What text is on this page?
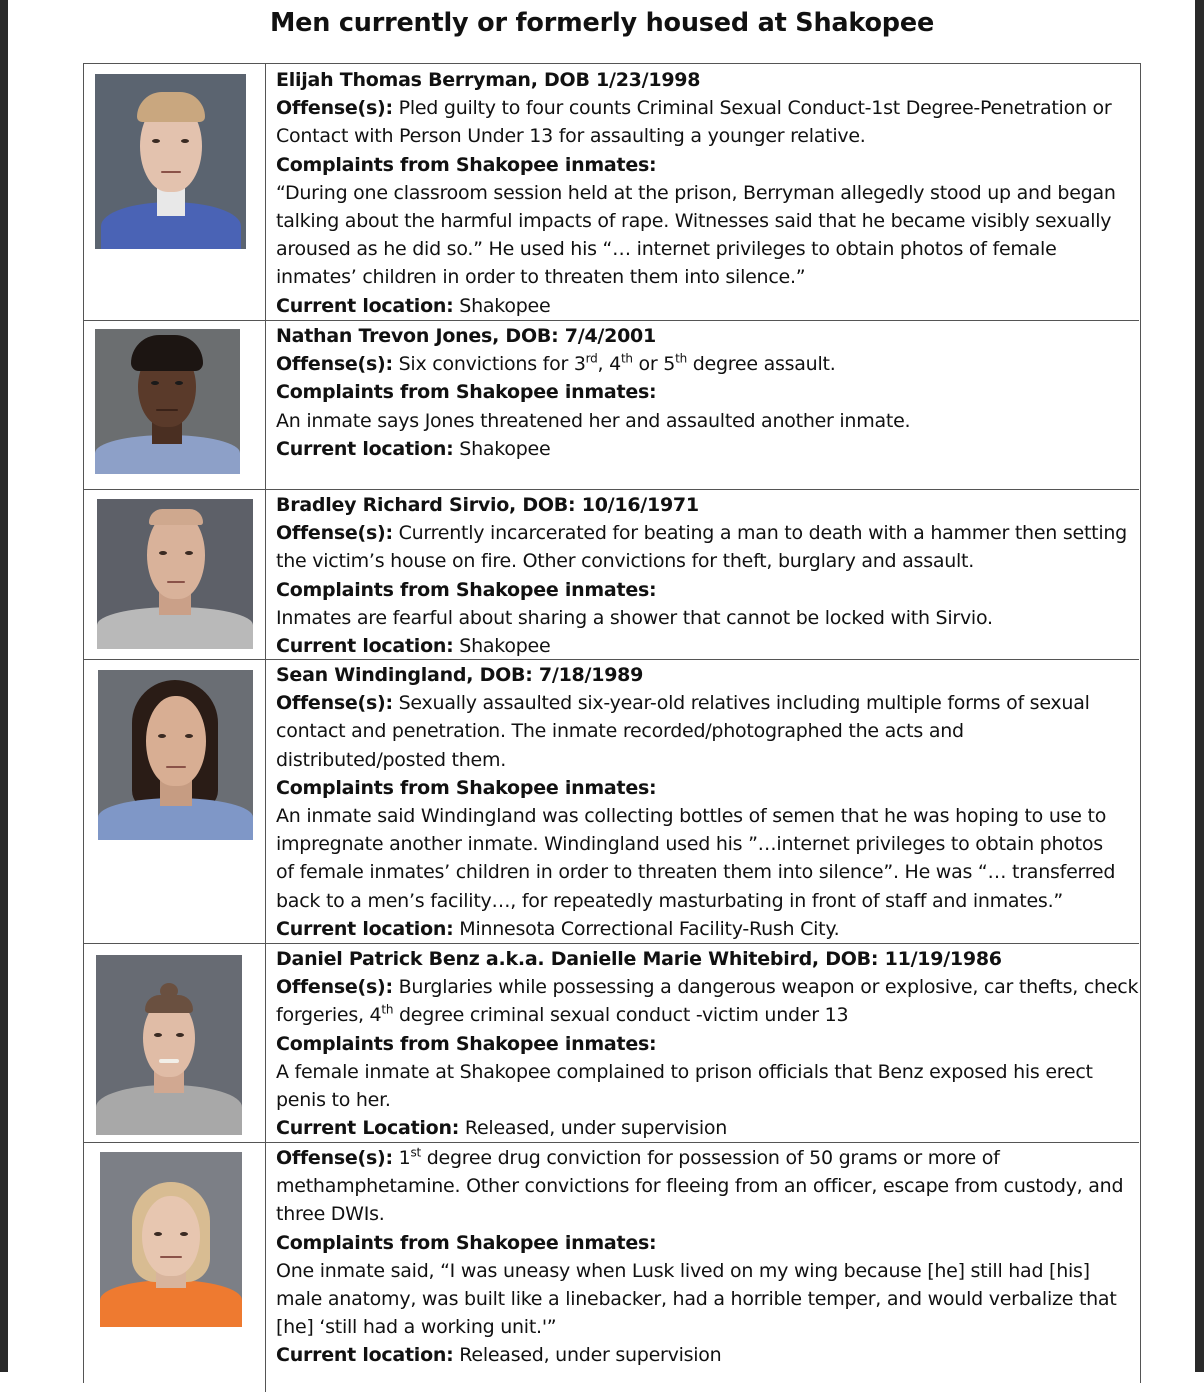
Men currently or formerly housed at Shakopee

Elijah Thomas Berryman, DOB 1/23/1998

Offense(s): Pled guilty to four counts Criminal Sexual Conduct-1st Degree-Penetration or

Contact with Person Under 13 for assaulting a younger relative.

Complaints from Shakopee inmates:

“During one classroom session held at the prison, Berryman allegedly stood up and began

talking about the harmful impacts of rape. Witnesses said that he became visibly sexually

aroused as he did so.” He used his “… internet privileges to obtain photos of female

inmates’ children in order to threaten them into silence.”

Current location: Shakopee

Nathan Trevon Jones, DOB: 7/4/2001

Offense(s): Six convictions for 3rd, 4th or 5th degree assault.

Complaints from Shakopee inmates:

An inmate says Jones threatened her and assaulted another inmate.

Current location: Shakopee

Bradley Richard Sirvio, DOB: 10/16/1971

Offense(s): Currently incarcerated for beating a man to death with a hammer then setting

the victim’s house on fire. Other convictions for theft, burglary and assault.

Complaints from Shakopee inmates:

Inmates are fearful about sharing a shower that cannot be locked with Sirvio.

Current location: Shakopee

Sean Windingland, DOB: 7/18/1989

Offense(s): Sexually assaulted six-year-old relatives including multiple forms of sexual

contact and penetration. The inmate recorded/photographed the acts and

distributed/posted them.

Complaints from Shakopee inmates:

An inmate said Windingland was collecting bottles of semen that he was hoping to use to

impregnate another inmate. Windingland used his ”…internet privileges to obtain photos

of female inmates’ children in order to threaten them into silence”. He was “… transferred

back to a men’s facility…, for repeatedly masturbating in front of staff and inmates.”

Current location: Minnesota Correctional Facility-Rush City.

Daniel Patrick Benz a.k.a. Danielle Marie Whitebird, DOB: 11/19/1986

Offense(s): Burglaries while possessing a dangerous weapon or explosive, car thefts, check

forgeries, 4th degree criminal sexual conduct -victim under 13

Complaints from Shakopee inmates:

A female inmate at Shakopee complained to prison officials that Benz exposed his erect

penis to her.

Current Location: Released, under supervision

Offense(s): 1st degree drug conviction for possession of 50 grams or more of

methamphetamine. Other convictions for fleeing from an officer, escape from custody, and

three DWIs.

Complaints from Shakopee inmates:

One inmate said, “I was uneasy when Lusk lived on my wing because [he] still had [his]

male anatomy, was built like a linebacker, had a horrible temper, and would verbalize that

[he] ‘still had a working unit.'”

Current location: Released, under supervision
